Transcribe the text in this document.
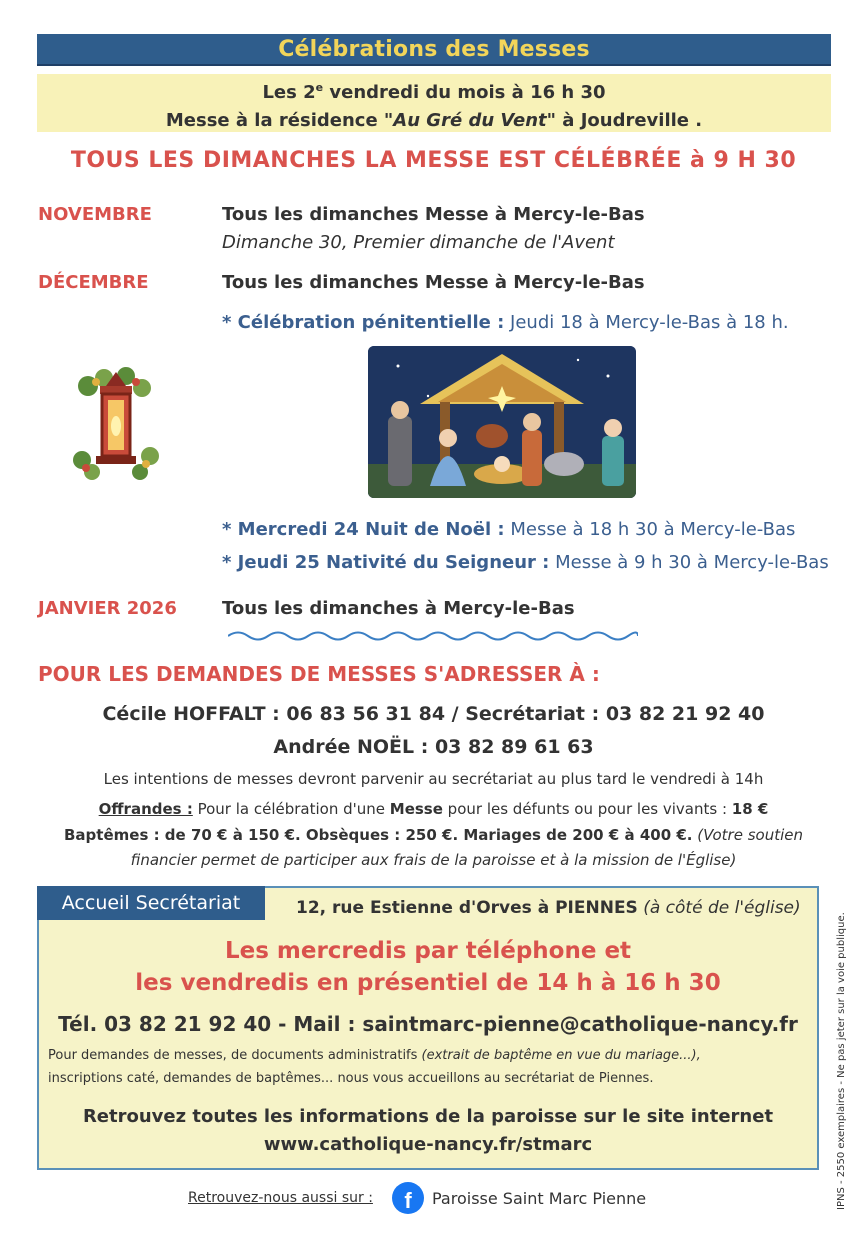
Célébrations des Messes
Les 2e vendredi du mois à 16 h 30
Messe à la résidence "Au Gré du Vent" à Joudreville .
TOUS LES DIMANCHES LA MESSE EST CÉLÉBRÉE à 9 H 30
NOVEMBRE	Tous les dimanches Messe à Mercy-le-Bas
Dimanche 30, Premier dimanche de l'Avent
DÉCEMBRE	Tous les dimanches Messe à Mercy-le-Bas
* Célébration pénitentielle : Jeudi 18 à Mercy-le-Bas à 18 h.
* Mercredi 24 Nuit de Noël : Messe à 18 h 30 à Mercy-le-Bas
* Jeudi 25 Nativité du Seigneur : Messe à 9 h 30 à Mercy-le-Bas
JANVIER 2026	Tous les dimanches à Mercy-le-Bas
POUR LES DEMANDES DE MESSES S'ADRESSER À :
Cécile HOFFALT : 06 83 56 31 84 / Secrétariat : 03 82 21 92 40
Andrée NOËL : 03 82 89 61 63
Les intentions de messes devront parvenir au secrétariat au plus tard le vendredi à 14h
Offrandes : Pour la célébration d'une Messe pour les défunts ou pour les vivants : 18 €
Baptêmes : de 70 € à 150 €. Obsèques : 250 €. Mariages de 200 € à 400 €. (Votre soutien
financier permet de participer aux frais de la paroisse et à la mission de l'Église)
Accueil Secrétariat	12, rue Estienne d'Orves à PIENNES (à côté de l'église)
Les mercredis par téléphone et
les vendredis en présentiel de 14 h à 16 h 30
Tél. 03 82 21 92 40 - Mail : saintmarc-pienne@catholique-nancy.fr
Pour demandes de messes, de documents administratifs (extrait de baptême en vue du mariage...),
inscriptions caté, demandes de baptêmes... nous vous accueillons au secrétariat de Piennes.
Retrouvez toutes les informations de la paroisse sur le site internet
www.catholique-nancy.fr/stmarc	IPNS - 2550 exemplaires - Ne pas jeter sur la voie publique.
Retrouvez-nous aussi sur :	f	Paroisse Saint Marc Pienne
